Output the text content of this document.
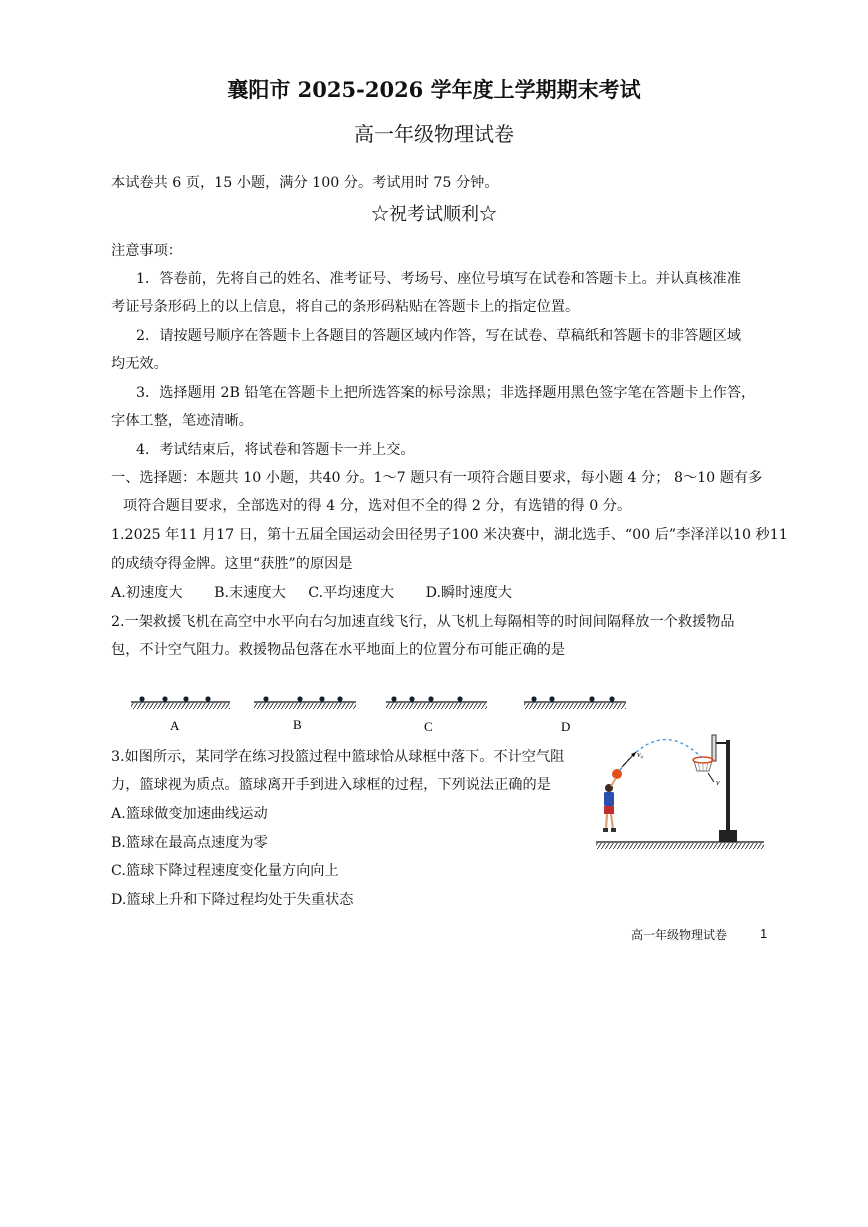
襄阳市 2025-2026 学年度上学期期末考试
高一年级物理试卷
本试卷共 6 页，15 小题，满分 100 分。考试用时 75 分钟。
☆祝考试顺利☆
注意事项：
1．答卷前，先将自己的姓名、准考证号、考场号、座位号填写在试卷和答题卡上。并认真核准准
考证号条形码上的以上信息，将自己的条形码粘贴在答题卡上的指定位置。
2．请按题号顺序在答题卡上各题目的答题区域内作答，写在试卷、草稿纸和答题卡的非答题区域
均无效。
3．选择题用 2B 铅笔在答题卡上把所选答案的标号涂黑；非选择题用黑色签字笔在答题卡上作答，
字体工整，笔迹清晰。
4．考试结束后，将试卷和答题卡一并上交。
一、选择题：本题共 10 小题，共40 分。1～7 题只有一项符合题目要求，每小题 4 分； 8～10 题有多
项符合题目要求，全部选对的得 4 分，选对但不全的得 2 分，有选错的得 0 分。
1.2025 年11 月17 日，第十五届全国运动会田径男子100 米决赛中，湖北选手、“00 后”李泽洋以10 秒11
的成绩夺得金牌。这里“获胜”的原因是
A.初速度大       B.末速度大     C.平均速度大       D.瞬时速度大
2.一架救援飞机在高空中水平向右匀加速直线飞行，从飞机上每隔相等的时间间隔释放一个救援物品
包，不计空气阻力。救援物品包落在水平地面上的位置分布可能正确的是
A	B	C	D
3.如图所示，某同学在练习投篮过程中篮球恰从球框中落下。不计空气阻
力，篮球视为质点。篮球离开手到进入球框的过程，下列说法正确的是
A.篮球做变加速曲线运动
B.篮球在最高点速度为零
C.篮球下降过程速度变化量方向向上
D.篮球上升和下降过程均处于失重状态
v₀
v
高一年级物理试卷	1
